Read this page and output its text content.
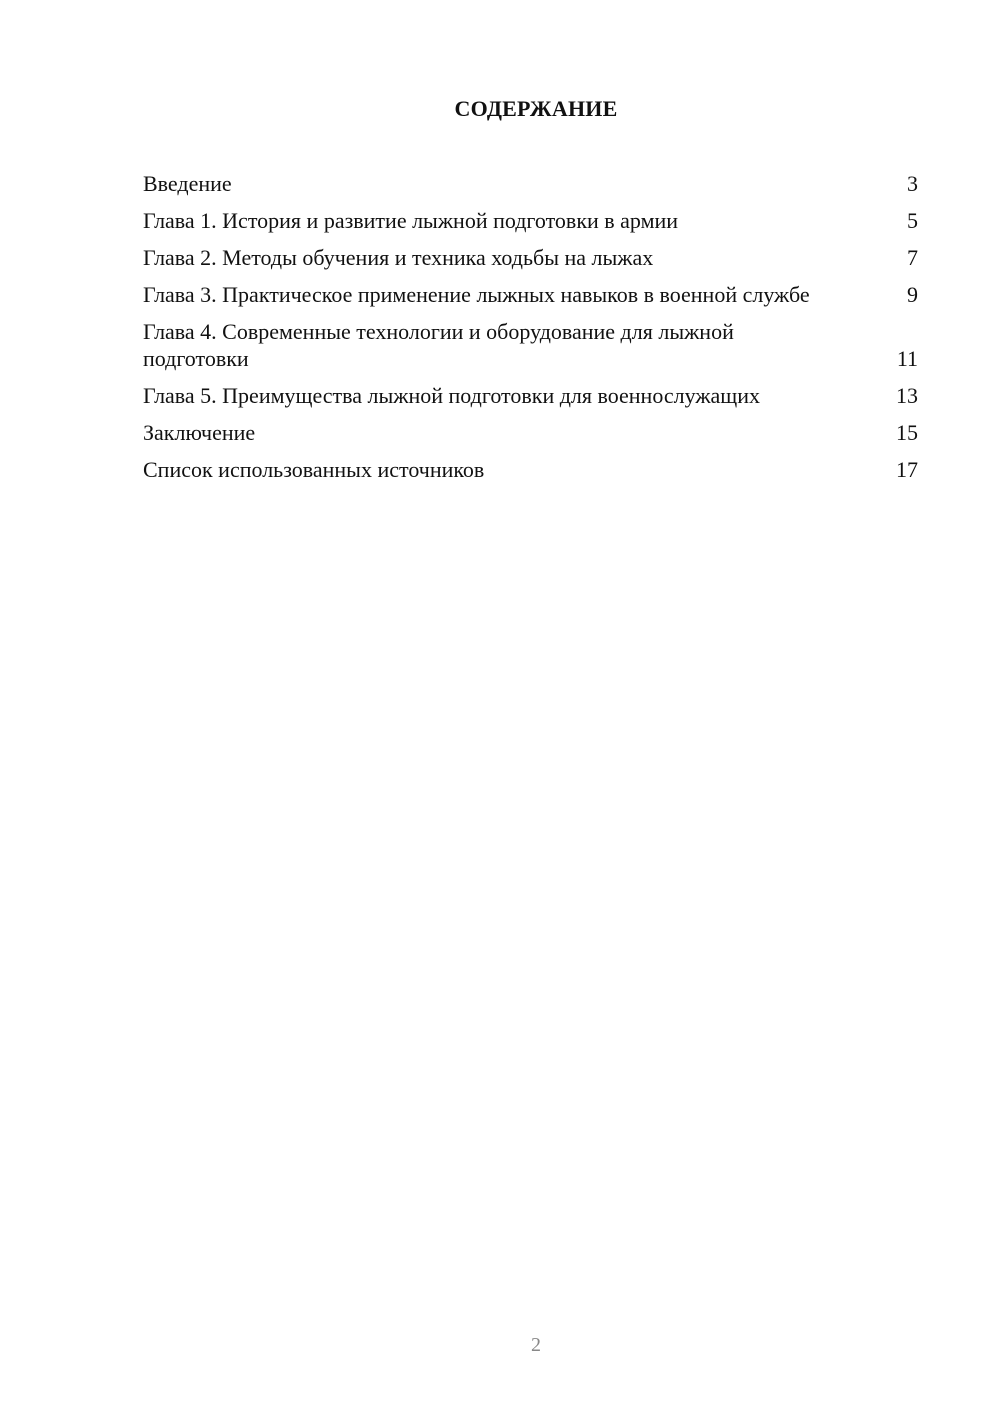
СОДЕРЖАНИЕ
Введение	3
Глава 1. История и развитие лыжной подготовки в армии	5
Глава 2. Методы обучения и техника ходьбы на лыжах	7
Глава 3. Практическое применение лыжных навыков в военной службе	9
Глава 4. Современные технологии и оборудование для лыжной подготовки	11
Глава 5. Преимущества лыжной подготовки для военнослужащих	13
Заключение	15
Список использованных источников	17
2
